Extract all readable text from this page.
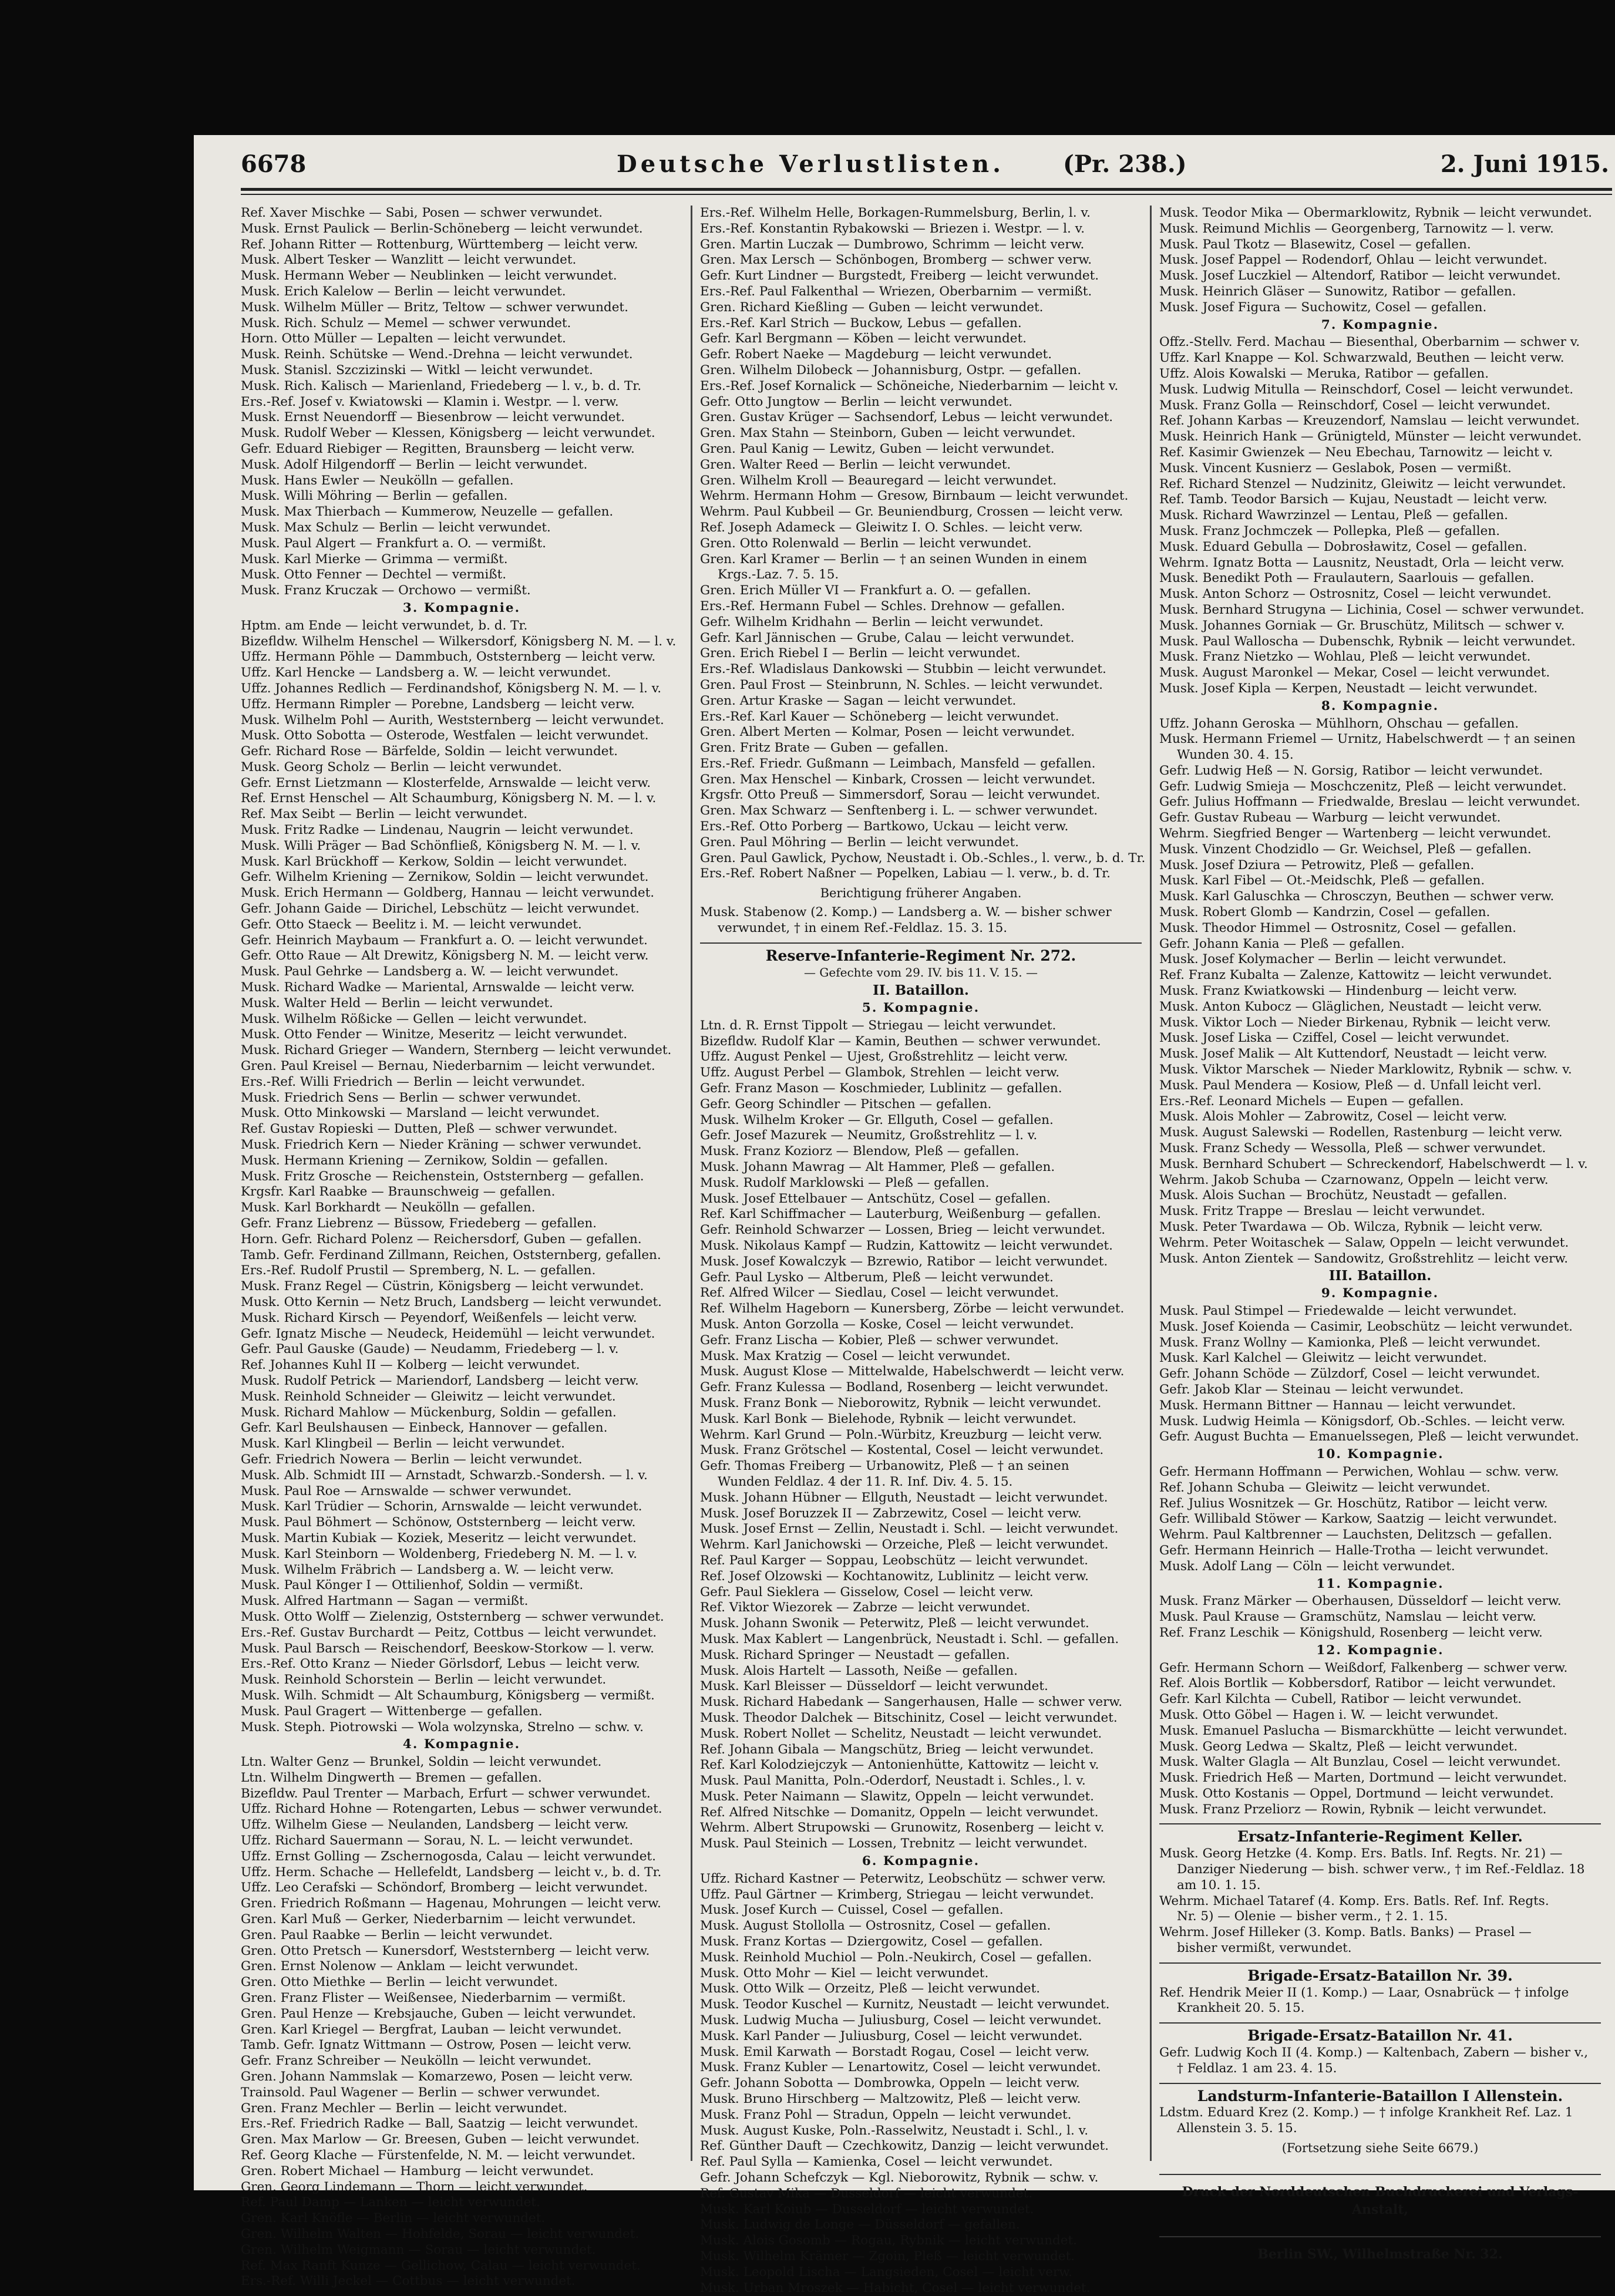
6678	Deutsche Verlustlisten. (Pr. 238.)	2. Juni 1915.
Ref. Xaver Mischke — Sabi, Posen — schwer verwundet.
Musk. Ernst Paulick — Berlin-Schöneberg — leicht verwundet.
Ref. Johann Ritter — Rottenburg, Württemberg — leicht verw.
Musk. Albert Tesker — Wanzlitt — leicht verwundet.
Musk. Hermann Weber — Neublinken — leicht verwundet.
Musk. Erich Kalelow — Berlin — leicht verwundet.
Musk. Wilhelm Müller — Britz, Teltow — schwer verwundet.
Musk. Rich. Schulz — Memel — schwer verwundet.
Horn. Otto Müller — Lepalten — leicht verwundet.
Musk. Reinh. Schütske — Wend.-Drehna — leicht verwundet.
Musk. Stanisl. Szczizinski — Witkl — leicht verwundet.
Musk. Rich. Kalisch — Marienland, Friedeberg — l. v., b. d. Tr.
Ers.-Ref. Josef v. Kwiatowski — Klamin i. Westpr. — l. verw.
Musk. Ernst Neuendorff — Biesenbrow — leicht verwundet.
Musk. Rudolf Weber — Klessen, Königsberg — leicht verwundet.
Gefr. Eduard Riebiger — Regitten, Braunsberg — leicht verw.
Musk. Adolf Hilgendorff — Berlin — leicht verwundet.
Musk. Hans Ewler — Neukölln — gefallen.
Musk. Willi Möhring — Berlin — gefallen.
Musk. Max Thierbach — Kummerow, Neuzelle — gefallen.
Musk. Max Schulz — Berlin — leicht verwundet.
Musk. Paul Algert — Frankfurt a. O. — vermißt.
Musk. Karl Mierke — Grimma — vermißt.
Musk. Otto Fenner — Dechtel — vermißt.
Musk. Franz Kruczak — Orchowo — vermißt.
3. Kompagnie.
Hptm. am Ende — leicht verwundet, b. d. Tr.
Bizefldw. Wilhelm Henschel — Wilkersdorf, Königsberg N. M. — l. v.
Uffz. Hermann Pöhle — Dammbuch, Oststernberg — leicht verw.
Uffz. Karl Hencke — Landsberg a. W. — leicht verwundet.
Uffz. Johannes Redlich — Ferdinandshof, Königsberg N. M. — l. v.
Uffz. Hermann Rimpler — Porebne, Landsberg — leicht verw.
Musk. Wilhelm Pohl — Aurith, Weststernberg — leicht verwundet.
Musk. Otto Sobotta — Osterode, Westfalen — leicht verwundet.
Gefr. Richard Rose — Bärfelde, Soldin — leicht verwundet.
Musk. Georg Scholz — Berlin — leicht verwundet.
Gefr. Ernst Lietzmann — Klosterfelde, Arnswalde — leicht verw.
Ref. Ernst Henschel — Alt Schaumburg, Königsberg N. M. — l. v.
Ref. Max Seibt — Berlin — leicht verwundet.
Musk. Fritz Radke — Lindenau, Naugrin — leicht verwundet.
Musk. Willi Präger — Bad Schönfließ, Königsberg N. M. — l. v.
Musk. Karl Brückhoff — Kerkow, Soldin — leicht verwundet.
Gefr. Wilhelm Kriening — Zernikow, Soldin — leicht verwundet.
Musk. Erich Hermann — Goldberg, Hannau — leicht verwundet.
Gefr. Johann Gaide — Dirichel, Lebschütz — leicht verwundet.
Gefr. Otto Staeck — Beelitz i. M. — leicht verwundet.
Gefr. Heinrich Maybaum — Frankfurt a. O. — leicht verwundet.
Gefr. Otto Raue — Alt Drewitz, Königsberg N. M. — leicht verw.
Musk. Paul Gehrke — Landsberg a. W. — leicht verwundet.
Musk. Richard Wadke — Mariental, Arnswalde — leicht verw.
Musk. Walter Held — Berlin — leicht verwundet.
Musk. Wilhelm Rößicke — Gellen — leicht verwundet.
Musk. Otto Fender — Winitze, Meseritz — leicht verwundet.
Musk. Richard Grieger — Wandern, Sternberg — leicht verwundet.
Gren. Paul Kreisel — Bernau, Niederbarnim — leicht verwundet.
Ers.-Ref. Willi Friedrich — Berlin — leicht verwundet.
Musk. Friedrich Sens — Berlin — schwer verwundet.
Musk. Otto Minkowski — Marsland — leicht verwundet.
Ref. Gustav Ropieski — Dutten, Pleß — schwer verwundet.
Musk. Friedrich Kern — Nieder Kräning — schwer verwundet.
Musk. Hermann Kriening — Zernikow, Soldin — gefallen.
Musk. Fritz Grosche — Reichenstein, Oststernberg — gefallen.
Krgsfr. Karl Raabke — Braunschweig — gefallen.
Musk. Karl Borkhardt — Neukölln — gefallen.
Gefr. Franz Liebrenz — Büssow, Friedeberg — gefallen.
Horn. Gefr. Richard Polenz — Reichersdorf, Guben — gefallen.
Tamb. Gefr. Ferdinand Zillmann, Reichen, Oststernberg, gefallen.
Ers.-Ref. Rudolf Prustil — Spremberg, N. L. — gefallen.
Musk. Franz Regel — Cüstrin, Königsberg — leicht verwundet.
Musk. Otto Kernin — Netz Bruch, Landsberg — leicht verwundet.
Musk. Richard Kirsch — Peyendorf, Weißenfels — leicht verw.
Gefr. Ignatz Mische — Neudeck, Heidemühl — leicht verwundet.
Gefr. Paul Gauske (Gaude) — Neudamm, Friedeberg — l. v.
Ref. Johannes Kuhl II — Kolberg — leicht verwundet.
Musk. Rudolf Petrick — Mariendorf, Landsberg — leicht verw.
Musk. Reinhold Schneider — Gleiwitz — leicht verwundet.
Musk. Richard Mahlow — Mückenburg, Soldin — gefallen.
Gefr. Karl Beulshausen — Einbeck, Hannover — gefallen.
Musk. Karl Klingbeil — Berlin — leicht verwundet.
Gefr. Friedrich Nowera — Berlin — leicht verwundet.
Musk. Alb. Schmidt III — Arnstadt, Schwarzb.-Sondersh. — l. v.
Musk. Paul Roe — Arnswalde — schwer verwundet.
Musk. Karl Trüdier — Schorin, Arnswalde — leicht verwundet.
Musk. Paul Böhmert — Schönow, Oststernberg — leicht verw.
Musk. Martin Kubiak — Koziek, Meseritz — leicht verwundet.
Musk. Karl Steinborn — Woldenberg, Friedeberg N. M. — l. v.
Musk. Wilhelm Fräbrich — Landsberg a. W. — leicht verw.
Musk. Paul Könger I — Ottilienhof, Soldin — vermißt.
Musk. Alfred Hartmann — Sagan — vermißt.
Musk. Otto Wolff — Zielenzig, Oststernberg — schwer verwundet.
Ers.-Ref. Gustav Burchardt — Peitz, Cottbus — leicht verwundet.
Musk. Paul Barsch — Reischendorf, Beeskow-Storkow — l. verw.
Ers.-Ref. Otto Kranz — Nieder Görlsdorf, Lebus — leicht verw.
Musk. Reinhold Schorstein — Berlin — leicht verwundet.
Musk. Wilh. Schmidt — Alt Schaumburg, Königsberg — vermißt.
Musk. Paul Gragert — Wittenberge — gefallen.
Musk. Steph. Piotrowski — Wola wolzynska, Strelno — schw. v.
4. Kompagnie.
Ltn. Walter Genz — Brunkel, Soldin — leicht verwundet.
Ltn. Wilhelm Dingwerth — Bremen — gefallen.
Bizefldw. Paul Trenter — Marbach, Erfurt — schwer verwundet.
Uffz. Richard Hohne — Rotengarten, Lebus — schwer verwundet.
Uffz. Wilhelm Giese — Neulanden, Landsberg — leicht verw.
Uffz. Richard Sauermann — Sorau, N. L. — leicht verwundet.
Uffz. Ernst Golling — Zschernogosda, Calau — leicht verwundet.
Uffz. Herm. Schache — Hellefeldt, Landsberg — leicht v., b. d. Tr.
Uffz. Leo Cerafski — Schöndorf, Bromberg — leicht verwundet.
Gren. Friedrich Roßmann — Hagenau, Mohrungen — leicht verw.
Gren. Karl Muß — Gerker, Niederbarnim — leicht verwundet.
Gren. Paul Raabke — Berlin — leicht verwundet.
Gren. Otto Pretsch — Kunersdorf, Weststernberg — leicht verw.
Gren. Ernst Nolenow — Anklam — leicht verwundet.
Gren. Otto Miethke — Berlin — leicht verwundet.
Gren. Franz Flister — Weißensee, Niederbarnim — vermißt.
Gren. Paul Henze — Krebsjauche, Guben — leicht verwundet.
Gren. Karl Kriegel — Bergfrat, Lauban — leicht verwundet.
Tamb. Gefr. Ignatz Wittmann — Ostrow, Posen — leicht verw.
Gefr. Franz Schreiber — Neukölln — leicht verwundet.
Gren. Johann Nammslak — Komarzewo, Posen — leicht verw.
Trainsold. Paul Wagener — Berlin — schwer verwundet.
Gren. Franz Mechler — Berlin — leicht verwundet.
Ers.-Ref. Friedrich Radke — Ball, Saatzig — leicht verwundet.
Gren. Max Marlow — Gr. Breesen, Guben — leicht verwundet.
Ref. Georg Klache — Fürstenfelde, N. M. — leicht verwundet.
Gren. Robert Michael — Hamburg — leicht verwundet.
Gren. Georg Lindemann — Thorn — leicht verwundet.
Ref. Paul Damp — Lanken — leicht verwundet.
Gren. Karl Knöfle — Berlin — leicht verwundet.
Gren. Wilhelm Walten — Hohfelde, Sorau — leicht verwundet.
Gren. Wilhelm Weigmann — Sorau — leicht verwundet.
Ref. Max Ranft Kunze — Gellichow, Calau — leicht verwundet.
Ers.-Ref. Willi Jeckel — Cottbus — leicht verwundet.
Ers.-Ref. Wilhelm Helle, Borkagen-Rummelsburg, Berlin, l. v.
Ers.-Ref. Konstantin Rybakowski — Briezen i. Westpr. — l. v.
Gren. Martin Luczak — Dumbrowo, Schrimm — leicht verw.
Gren. Max Lersch — Schönbogen, Bromberg — schwer verw.
Gefr. Kurt Lindner — Burgstedt, Freiberg — leicht verwundet.
Ers.-Ref. Paul Falkenthal — Wriezen, Oberbarnim — vermißt.
Gren. Richard Kießling — Guben — leicht verwundet.
Ers.-Ref. Karl Strich — Buckow, Lebus — gefallen.
Gefr. Karl Bergmann — Köben — leicht verwundet.
Gefr. Robert Naeke — Magdeburg — leicht verwundet.
Gren. Wilhelm Dilobeck — Johannisburg, Ostpr. — gefallen.
Ers.-Ref. Josef Kornalick — Schöneiche, Niederbarnim — leicht v.
Gefr. Otto Jungtow — Berlin — leicht verwundet.
Gren. Gustav Krüger — Sachsendorf, Lebus — leicht verwundet.
Gren. Max Stahn — Steinborn, Guben — leicht verwundet.
Gren. Paul Kanig — Lewitz, Guben — leicht verwundet.
Gren. Walter Reed — Berlin — leicht verwundet.
Gren. Wilhelm Kroll — Beauregard — leicht verwundet.
Wehrm. Hermann Hohm — Gresow, Birnbaum — leicht verwundet.
Wehrm. Paul Kubbeil — Gr. Beuniendburg, Crossen — leicht verw.
Ref. Joseph Adameck — Gleiwitz I. O. Schles. — leicht verw.
Gren. Otto Rolenwald — Berlin — leicht verwundet.
Gren. Karl Kramer — Berlin — † an seinen Wunden in einem
Krgs.-Laz. 7. 5. 15.
Gren. Erich Müller VI — Frankfurt a. O. — gefallen.
Ers.-Ref. Hermann Fubel — Schles. Drehnow — gefallen.
Gefr. Wilhelm Kridhahn — Berlin — leicht verwundet.
Gefr. Karl Jännischen — Grube, Calau — leicht verwundet.
Gren. Erich Riebel I — Berlin — leicht verwundet.
Ers.-Ref. Wladislaus Dankowski — Stubbin — leicht verwundet.
Gren. Paul Frost — Steinbrunn, N. Schles. — leicht verwundet.
Gren. Artur Kraske — Sagan — leicht verwundet.
Ers.-Ref. Karl Kauer — Schöneberg — leicht verwundet.
Gren. Albert Merten — Kolmar, Posen — leicht verwundet.
Gren. Fritz Brate — Guben — gefallen.
Ers.-Ref. Friedr. Gußmann — Leimbach, Mansfeld — gefallen.
Gren. Max Henschel — Kinbark, Crossen — leicht verwundet.
Krgsfr. Otto Preuß — Simmersdorf, Sorau — leicht verwundet.
Gren. Max Schwarz — Senftenberg i. L. — schwer verwundet.
Ers.-Ref. Otto Porberg — Bartkowo, Uckau — leicht verw.
Gren. Paul Möhring — Berlin — leicht verwundet.
Gren. Paul Gawlick, Pychow, Neustadt i. Ob.-Schles., l. verw., b. d. Tr.
Ers.-Ref. Robert Naßner — Popelken, Labiau — l. verw., b. d. Tr.
Berichtigung früherer Angaben.
Musk. Stabenow (2. Komp.) — Landsberg a. W. — bisher schwer
verwundet, † in einem Ref.-Feldlaz. 15. 3. 15.
Reserve-Infanterie-Regiment Nr. 272.
— Gefechte vom 29. IV. bis 11. V. 15. —
II. Bataillon.
5. Kompagnie.
Ltn. d. R. Ernst Tippolt — Striegau — leicht verwundet.
Bizefldw. Rudolf Klar — Kamin, Beuthen — schwer verwundet.
Uffz. August Penkel — Ujest, Großstrehlitz — leicht verw.
Uffz. August Perbel — Glambok, Strehlen — leicht verw.
Gefr. Franz Mason — Koschmieder, Lublinitz — gefallen.
Gefr. Georg Schindler — Pitschen — gefallen.
Musk. Wilhelm Kroker — Gr. Ellguth, Cosel — gefallen.
Gefr. Josef Mazurek — Neumitz, Großstrehlitz — l. v.
Musk. Franz Koziorz — Blendow, Pleß — gefallen.
Musk. Johann Mawrag — Alt Hammer, Pleß — gefallen.
Musk. Rudolf Marklowski — Pleß — gefallen.
Musk. Josef Ettelbauer — Antschütz, Cosel — gefallen.
Ref. Karl Schiffmacher — Lauterburg, Weißenburg — gefallen.
Gefr. Reinhold Schwarzer — Lossen, Brieg — leicht verwundet.
Musk. Nikolaus Kampf — Rudzin, Kattowitz — leicht verwundet.
Musk. Josef Kowalczyk — Bzrewio, Ratibor — leicht verwundet.
Gefr. Paul Lysko — Altberum, Pleß — leicht verwundet.
Ref. Alfred Wilcer — Siedlau, Cosel — leicht verwundet.
Ref. Wilhelm Hageborn — Kunersberg, Zörbe — leicht verwundet.
Musk. Anton Gorzolla — Koske, Cosel — leicht verwundet.
Gefr. Franz Lischa — Kobier, Pleß — schwer verwundet.
Musk. Max Kratzig — Cosel — leicht verwundet.
Musk. August Klose — Mittelwalde, Habelschwerdt — leicht verw.
Gefr. Franz Kulessa — Bodland, Rosenberg — leicht verwundet.
Musk. Franz Bonk — Nieborowitz, Rybnik — leicht verwundet.
Musk. Karl Bonk — Bielehode, Rybnik — leicht verwundet.
Wehrm. Karl Grund — Poln.-Würbitz, Kreuzburg — leicht verw.
Musk. Franz Grötschel — Kostental, Cosel — leicht verwundet.
Gefr. Thomas Freiberg — Urbanowitz, Pleß — † an seinen
Wunden Feldlaz. 4 der 11. R. Inf. Div. 4. 5. 15.
Musk. Johann Hübner — Ellguth, Neustadt — leicht verwundet.
Musk. Josef Boruzzek II — Zabrzewitz, Cosel — leicht verw.
Musk. Josef Ernst — Zellin, Neustadt i. Schl. — leicht verwundet.
Wehrm. Karl Janichowski — Orzeiche, Pleß — leicht verwundet.
Ref. Paul Karger — Soppau, Leobschütz — leicht verwundet.
Ref. Josef Olzowski — Kochtanowitz, Lublinitz — leicht verw.
Gefr. Paul Sieklera — Gisselow, Cosel — leicht verw.
Ref. Viktor Wiezorek — Zabrze — leicht verwundet.
Musk. Johann Swonik — Peterwitz, Pleß — leicht verwundet.
Musk. Max Kablert — Langenbrück, Neustadt i. Schl. — gefallen.
Musk. Richard Springer — Neustadt — gefallen.
Musk. Alois Hartelt — Lassoth, Neiße — gefallen.
Musk. Karl Bleisser — Düsseldorf — leicht verwundet.
Musk. Richard Habedank — Sangerhausen, Halle — schwer verw.
Musk. Theodor Dalchek — Bitschinitz, Cosel — leicht verwundet.
Musk. Robert Nollet — Schelitz, Neustadt — leicht verwundet.
Ref. Johann Gibala — Mangschütz, Brieg — leicht verwundet.
Ref. Karl Kolodziejczyk — Antonienhütte, Kattowitz — leicht v.
Musk. Paul Manitta, Poln.-Oderdorf, Neustadt i. Schles., l. v.
Musk. Peter Naimann — Slawitz, Oppeln — leicht verwundet.
Ref. Alfred Nitschke — Domanitz, Oppeln — leicht verwundet.
Wehrm. Albert Strupowski — Grunowitz, Rosenberg — leicht v.
Musk. Paul Steinich — Lossen, Trebnitz — leicht verwundet.
6. Kompagnie.
Uffz. Richard Kastner — Peterwitz, Leobschütz — schwer verw.
Uffz. Paul Gärtner — Krimberg, Striegau — leicht verwundet.
Musk. Josef Kurch — Cuissel, Cosel — gefallen.
Musk. August Stollolla — Ostrosnitz, Cosel — gefallen.
Musk. Franz Kortas — Dziergowitz, Cosel — gefallen.
Musk. Reinhold Muchiol — Poln.-Neukirch, Cosel — gefallen.
Musk. Otto Mohr — Kiel — leicht verwundet.
Musk. Otto Wilk — Orzeitz, Pleß — leicht verwundet.
Musk. Teodor Kuschel — Kurnitz, Neustadt — leicht verwundet.
Musk. Ludwig Mucha — Juliusburg, Cosel — leicht verwundet.
Musk. Karl Pander — Juliusburg, Cosel — leicht verwundet.
Musk. Emil Karwath — Borstadt Rogau, Cosel — leicht verw.
Musk. Franz Kubler — Lenartowitz, Cosel — leicht verwundet.
Gefr. Johann Sobotta — Dombrowka, Oppeln — leicht verw.
Musk. Bruno Hirschberg — Maltzowitz, Pleß — leicht verw.
Musk. Franz Pohl — Stradun, Oppeln — leicht verwundet.
Musk. August Kuske, Poln.-Rasselwitz, Neustadt i. Schl., l. v.
Ref. Günther Dauft — Czechkowitz, Danzig — leicht verwundet.
Ref. Paul Sylla — Kamienka, Cosel — leicht verwundet.
Gefr. Johann Schefczyk — Kgl. Nieborowitz, Rybnik — schw. v.
Ref. Gustav Mika — Dusseldorf — leicht verwundet.
Musk. Karl Koiub — Dusseldorf — leicht verwundet.
Musk. Ludwig de Longe — Düsseldorf — gefallen.
Musk. Alois Gosomb — Rogau, Rybnik — leicht verwundet.
Musk. Wilhelm Krämer — Zgoin, Pleß — leicht verwundet.
Musk. Leopold Lischa — Langsieden, Cosel — leicht verw.
Musk. Urban Mroszek — Habicht, Cosel — leicht verwundet.
Musk. Teodor Mika — Obermarklowitz, Rybnik — leicht verwundet.
Musk. Reimund Michlis — Georgenberg, Tarnowitz — l. verw.
Musk. Paul Tkotz — Blasewitz, Cosel — gefallen.
Musk. Josef Pappel — Rodendorf, Ohlau — leicht verwundet.
Musk. Josef Luczkiel — Altendorf, Ratibor — leicht verwundet.
Musk. Heinrich Gläser — Sunowitz, Ratibor — gefallen.
Musk. Josef Figura — Suchowitz, Cosel — gefallen.
7. Kompagnie.
Offz.-Stellv. Ferd. Machau — Biesenthal, Oberbarnim — schwer v.
Uffz. Karl Knappe — Kol. Schwarzwald, Beuthen — leicht verw.
Uffz. Alois Kowalski — Meruka, Ratibor — gefallen.
Musk. Ludwig Mitulla — Reinschdorf, Cosel — leicht verwundet.
Musk. Franz Golla — Reinschdorf, Cosel — leicht verwundet.
Ref. Johann Karbas — Kreuzendorf, Namslau — leicht verwundet.
Musk. Heinrich Hank — Grünigteld, Münster — leicht verwundet.
Ref. Kasimir Gwienzek — Neu Ebechau, Tarnowitz — leicht v.
Musk. Vincent Kusnierz — Geslabok, Posen — vermißt.
Ref. Richard Stenzel — Nudzinitz, Gleiwitz — leicht verwundet.
Ref. Tamb. Teodor Barsich — Kujau, Neustadt — leicht verw.
Musk. Richard Wawrzinzel — Lentau, Pleß — gefallen.
Musk. Franz Jochmczek — Pollepka, Pleß — gefallen.
Musk. Eduard Gebulla — Dobrosławitz, Cosel — gefallen.
Wehrm. Ignatz Botta — Lausnitz, Neustadt, Orla — leicht verw.
Musk. Benedikt Poth — Fraulautern, Saarlouis — gefallen.
Musk. Anton Schorz — Ostrosnitz, Cosel — leicht verwundet.
Musk. Bernhard Strugyna — Lichinia, Cosel — schwer verwundet.
Musk. Johannes Gorniak — Gr. Bruschütz, Militsch — schwer v.
Musk. Paul Walloscha — Dubenschk, Rybnik — leicht verwundet.
Musk. Franz Nietzko — Wohlau, Pleß — leicht verwundet.
Musk. August Maronkel — Mekar, Cosel — leicht verwundet.
Musk. Josef Kipla — Kerpen, Neustadt — leicht verwundet.
8. Kompagnie.
Uffz. Johann Geroska — Mühlhorn, Ohschau — gefallen.
Musk. Hermann Friemel — Urnitz, Habelschwerdt — † an seinen
Wunden 30. 4. 15.
Gefr. Ludwig Heß — N. Gorsig, Ratibor — leicht verwundet.
Gefr. Ludwig Smieja — Moschczenitz, Pleß — leicht verwundet.
Gefr. Julius Hoffmann — Friedwalde, Breslau — leicht verwundet.
Gefr. Gustav Rubeau — Warburg — leicht verwundet.
Wehrm. Siegfried Benger — Wartenberg — leicht verwundet.
Musk. Vinzent Chodzidlo — Gr. Weichsel, Pleß — gefallen.
Musk. Josef Dziura — Petrowitz, Pleß — gefallen.
Musk. Karl Fibel — Ot.-Meidschk, Pleß — gefallen.
Musk. Karl Galuschka — Chrosczyn, Beuthen — schwer verw.
Musk. Robert Glomb — Kandrzin, Cosel — gefallen.
Musk. Theodor Himmel — Ostrosnitz, Cosel — gefallen.
Gefr. Johann Kania — Pleß — gefallen.
Musk. Josef Kolymacher — Berlin — leicht verwundet.
Ref. Franz Kubalta — Zalenze, Kattowitz — leicht verwundet.
Musk. Franz Kwiatkowski — Hindenburg — leicht verw.
Musk. Anton Kubocz — Gläglichen, Neustadt — leicht verw.
Musk. Viktor Loch — Nieder Birkenau, Rybnik — leicht verw.
Musk. Josef Liska — Cziffel, Cosel — leicht verwundet.
Musk. Josef Malik — Alt Kuttendorf, Neustadt — leicht verw.
Musk. Viktor Marschek — Nieder Marklowitz, Rybnik — schw. v.
Musk. Paul Mendera — Kosiow, Pleß — d. Unfall leicht verl.
Ers.-Ref. Leonard Michels — Eupen — gefallen.
Musk. Alois Mohler — Zabrowitz, Cosel — leicht verw.
Musk. August Salewski — Rodellen, Rastenburg — leicht verw.
Musk. Franz Schedy — Wessolla, Pleß — schwer verwundet.
Musk. Bernhard Schubert — Schreckendorf, Habelschwerdt — l. v.
Wehrm. Jakob Schuba — Czarnowanz, Oppeln — leicht verw.
Musk. Alois Suchan — Brochütz, Neustadt — gefallen.
Musk. Fritz Trappe — Breslau — leicht verwundet.
Musk. Peter Twardawa — Ob. Wilcza, Rybnik — leicht verw.
Wehrm. Peter Woitaschek — Salaw, Oppeln — leicht verwundet.
Musk. Anton Zientek — Sandowitz, Großstrehlitz — leicht verw.
III. Bataillon.
9. Kompagnie.
Musk. Paul Stimpel — Friedewalde — leicht verwundet.
Musk. Josef Koienda — Casimir, Leobschütz — leicht verwundet.
Musk. Franz Wollny — Kamionka, Pleß — leicht verwundet.
Musk. Karl Kalchel — Gleiwitz — leicht verwundet.
Gefr. Johann Schöde — Zülzdorf, Cosel — leicht verwundet.
Gefr. Jakob Klar — Steinau — leicht verwundet.
Musk. Hermann Bittner — Hannau — leicht verwundet.
Musk. Ludwig Heimla — Königsdorf, Ob.-Schles. — leicht verw.
Gefr. August Buchta — Emanuelssegen, Pleß — leicht verwundet.
10. Kompagnie.
Gefr. Hermann Hoffmann — Perwichen, Wohlau — schw. verw.
Ref. Johann Schuba — Gleiwitz — leicht verwundet.
Ref. Julius Wosnitzek — Gr. Hoschütz, Ratibor — leicht verw.
Gefr. Willibald Stöwer — Karkow, Saatzig — leicht verwundet.
Wehrm. Paul Kaltbrenner — Lauchsten, Delitzsch — gefallen.
Gefr. Hermann Heinrich — Halle-Trotha — leicht verwundet.
Musk. Adolf Lang — Cöln — leicht verwundet.
11. Kompagnie.
Musk. Franz Märker — Oberhausen, Düsseldorf — leicht verw.
Musk. Paul Krause — Gramschütz, Namslau — leicht verw.
Ref. Franz Leschik — Königshuld, Rosenberg — leicht verw.
12. Kompagnie.
Gefr. Hermann Schorn — Weißdorf, Falkenberg — schwer verw.
Ref. Alois Bortlik — Kobbersdorf, Ratibor — leicht verwundet.
Gefr. Karl Kilchta — Cubell, Ratibor — leicht verwundet.
Musk. Otto Göbel — Hagen i. W. — leicht verwundet.
Musk. Emanuel Paslucha — Bismarckhütte — leicht verwundet.
Musk. Georg Ledwa — Skaltz, Pleß — leicht verwundet.
Musk. Walter Glagla — Alt Bunzlau, Cosel — leicht verwundet.
Musk. Friedrich Heß — Marten, Dortmund — leicht verwundet.
Musk. Otto Kostanis — Oppel, Dortmund — leicht verwundet.
Musk. Franz Przeliorz — Rowin, Rybnik — leicht verwundet.
Ersatz-Infanterie-Regiment Keller.
Musk. Georg Hetzke (4. Komp. Ers. Batls. Inf. Regts. Nr. 21) —
Danziger Niederung — bish. schwer verw., † im Ref.-Feldlaz. 18
am 10. 1. 15.
Wehrm. Michael Tataref (4. Komp. Ers. Batls. Ref. Inf. Regts.
Nr. 5) — Olenie — bisher verm., † 2. 1. 15.
Wehrm. Josef Hilleker (3. Komp. Batls. Banks) — Prasel —
bisher vermißt, verwundet.
Brigade-Ersatz-Bataillon Nr. 39.
Ref. Hendrik Meier II (1. Komp.) — Laar, Osnabrück — † infolge
Krankheit 20. 5. 15.
Brigade-Ersatz-Bataillon Nr. 41.
Gefr. Ludwig Koch II (4. Komp.) — Kaltenbach, Zabern — bisher v.,
† Feldlaz. 1 am 23. 4. 15.
Landsturm-Infanterie-Bataillon I Allenstein.
Ldstm. Eduard Krez (2. Komp.) — † infolge Krankheit Ref. Laz. 1
Allenstein 3. 5. 15.
(Fortsetzung siehe Seite 6679.)
Druck der Norddeutschen Buchdruckerei und Verlags-Anstalt,
Berlin SW., Wilhelmstraße Nr. 32.
